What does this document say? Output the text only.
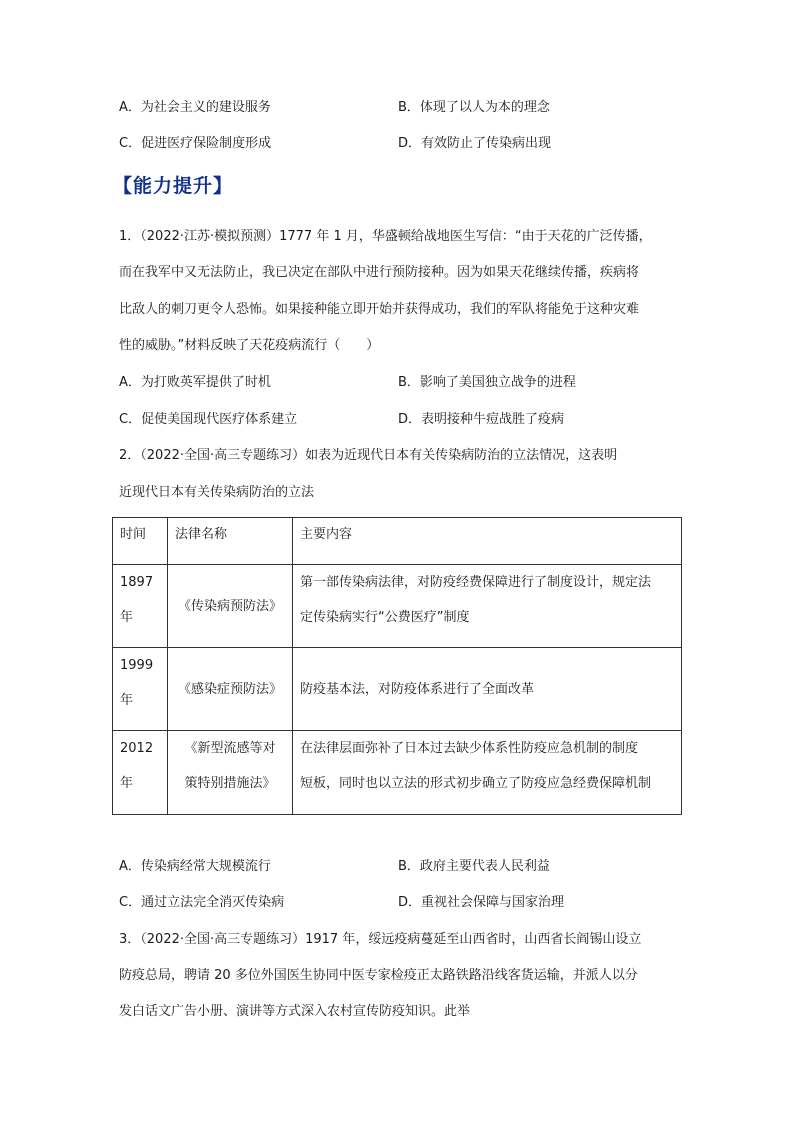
A．为社会主义的建设服务	B．体现了以人为本的理念
C．促进医疗保险制度形成	D．有效防止了传染病出现
【能力提升】
1．（2022·江苏·模拟预测）1777 年 1 月，华盛顿给战地医生写信：“由于天花的广泛传播，
而在我军中又无法防止，我已决定在部队中进行预防接种。因为如果天花继续传播，疾病将
比敌人的刺刀更令人恐怖。如果接种能立即开始并获得成功，我们的军队将能免于这种灾难
性的威胁。”材料反映了天花疫病流行（　　）
A．为打败英军提供了时机	B．影响了美国独立战争的进程
C．促使美国现代医疗体系建立	D．表明接种牛痘战胜了疫病
2．（2022·全国·高三专题练习）如表为近现代日本有关传染病防治的立法情况，这表明
近现代日本有关传染病防治的立法
时间	法律名称	主要内容

1897
年	《传染病预防法》	第一部传染病法律，对防疫经费保障进行了制度设计，规定法
定传染病实行“公费医疗”制度

1999
年	《感染症预防法》	防疫基本法，对防疫体系进行了全面改革

2012
年	《新型流感等对
策特别措施法》	在法律层面弥补了日本过去缺少体系性防疫应急机制的制度
短板，同时也以立法的形式初步确立了防疫应急经费保障机制
A．传染病经常大规模流行	B．政府主要代表人民利益
C．通过立法完全消灭传染病	D．重视社会保障与国家治理
3．（2022·全国·高三专题练习）1917 年，绥远疫病蔓延至山西省时，山西省长阎锡山设立
防疫总局，聘请 20 多位外国医生协同中医专家检疫正太路铁路沿线客货运输，并派人以分
发白话文广告小册、演讲等方式深入农村宣传防疫知识。此举
